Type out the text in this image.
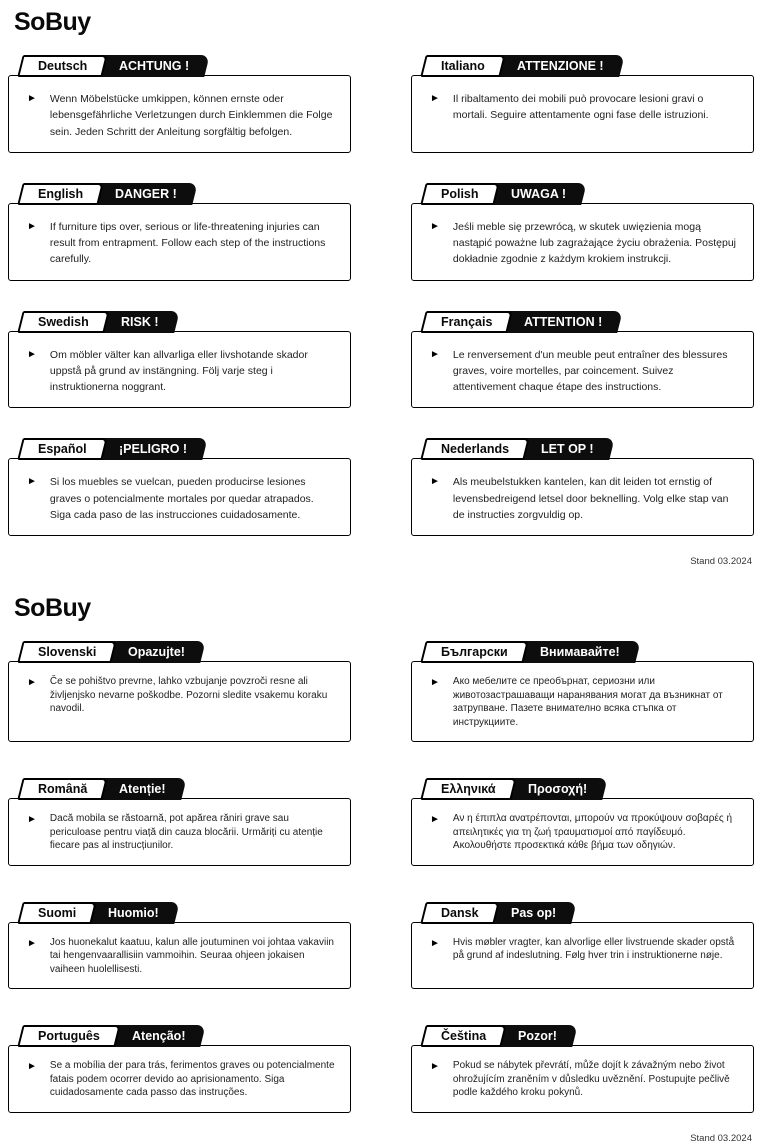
SoBuy
Deutsch	ACHTUNG !
► Wenn Möbelstücke umkippen, können ernste oder lebensgefährliche Verletzungen durch Einklemmen die Folge sein. Jeden Schritt der Anleitung sorgfältig befolgen.

Italiano	ATTENZIONE !
► Il ribaltamento dei mobili può provocare lesioni gravi o mortali. Seguire attentamente ogni fase delle istruzioni.

English	DANGER !
► If furniture tips over, serious or life-threatening injuries can result from entrapment. Follow each step of the instructions carefully.

Polish	UWAGA !
► Jeśli meble się przewrócą, w skutek uwięzienia mogą nastąpić poważne lub zagrażające życiu obrażenia. Postępuj dokładnie zgodnie z każdym krokiem instrukcji.

Swedish	RISK !
► Om möbler välter kan allvarliga eller livshotande skador uppstå på grund av instängning. Följ varje steg i instruktionerna noggrant.

Français	ATTENTION !
► Le renversement d'un meuble peut entraîner des blessures graves, voire mortelles, par coincement. Suivez attentivement chaque étape des instructions.

Español	¡PELIGRO !
► Si los muebles se vuelcan, pueden producirse lesiones graves o potencialmente mortales por quedar atrapados. Siga cada paso de las instrucciones cuidadosamente.

Nederlands	LET OP !
► Als meubelstukken kantelen, kan dit leiden tot ernstig of levensbedreigend letsel door beknelling. Volg elke stap van de instructies zorgvuldig op.

Stand 03.2024
SoBuy
Slovenski	Opazujte!
► Če se pohištvo prevrne, lahko vzbujanje povzroči resne ali življenjsko nevarne poškodbe. Pozorni sledite vsakemu koraku navodil.

Български	Внимавайте!
► Ако мебелите се преобърнат, сериозни или животозастрашаващи наранявания могат да възникнат от затрупване. Пазете внимателно всяка стъпка от инструкциите.

Română	Atenție!
► Dacă mobila se răstoarnă, pot apărea răniri grave sau periculoase pentru viață din cauza blocării. Urmăriți cu atenție fiecare pas al instrucțiunilor.

Ελληνικά	Προσοχή!
► Αν η έπιπλα ανατρέπονται, μπορούν να προκύψουν σοβαρές ή απειλητικές για τη ζωή τραυματισμοί από παγίδευμό. Ακολουθήστε προσεκτικά κάθε βήμα των οδηγιών.

Suomi	Huomio!
► Jos huonekalut kaatuu, kalun alle joutuminen voi johtaa vakaviin tai hengenvaarallisiin vammoihin. Seuraa ohjeen jokaisen vaiheen huolellisesti.

Dansk	Pas op!
► Hvis møbler vragter, kan alvorlige eller livstruende skader opstå på grund af indeslutning. Følg hver trin i instruktionerne nøje.

Português	Atenção!
► Se a mobília der para trás, ferimentos graves ou potencialmente fatais podem ocorrer devido ao aprisionamento. Siga cuidadosamente cada passo das instruções.

Čeština	Pozor!
► Pokud se nábytek převrátí, může dojít k závažným nebo život ohrožujícím zraněním v důsledku uvěznění. Postupujte pečlivě podle každého kroku pokynů.

Stand 03.2024
